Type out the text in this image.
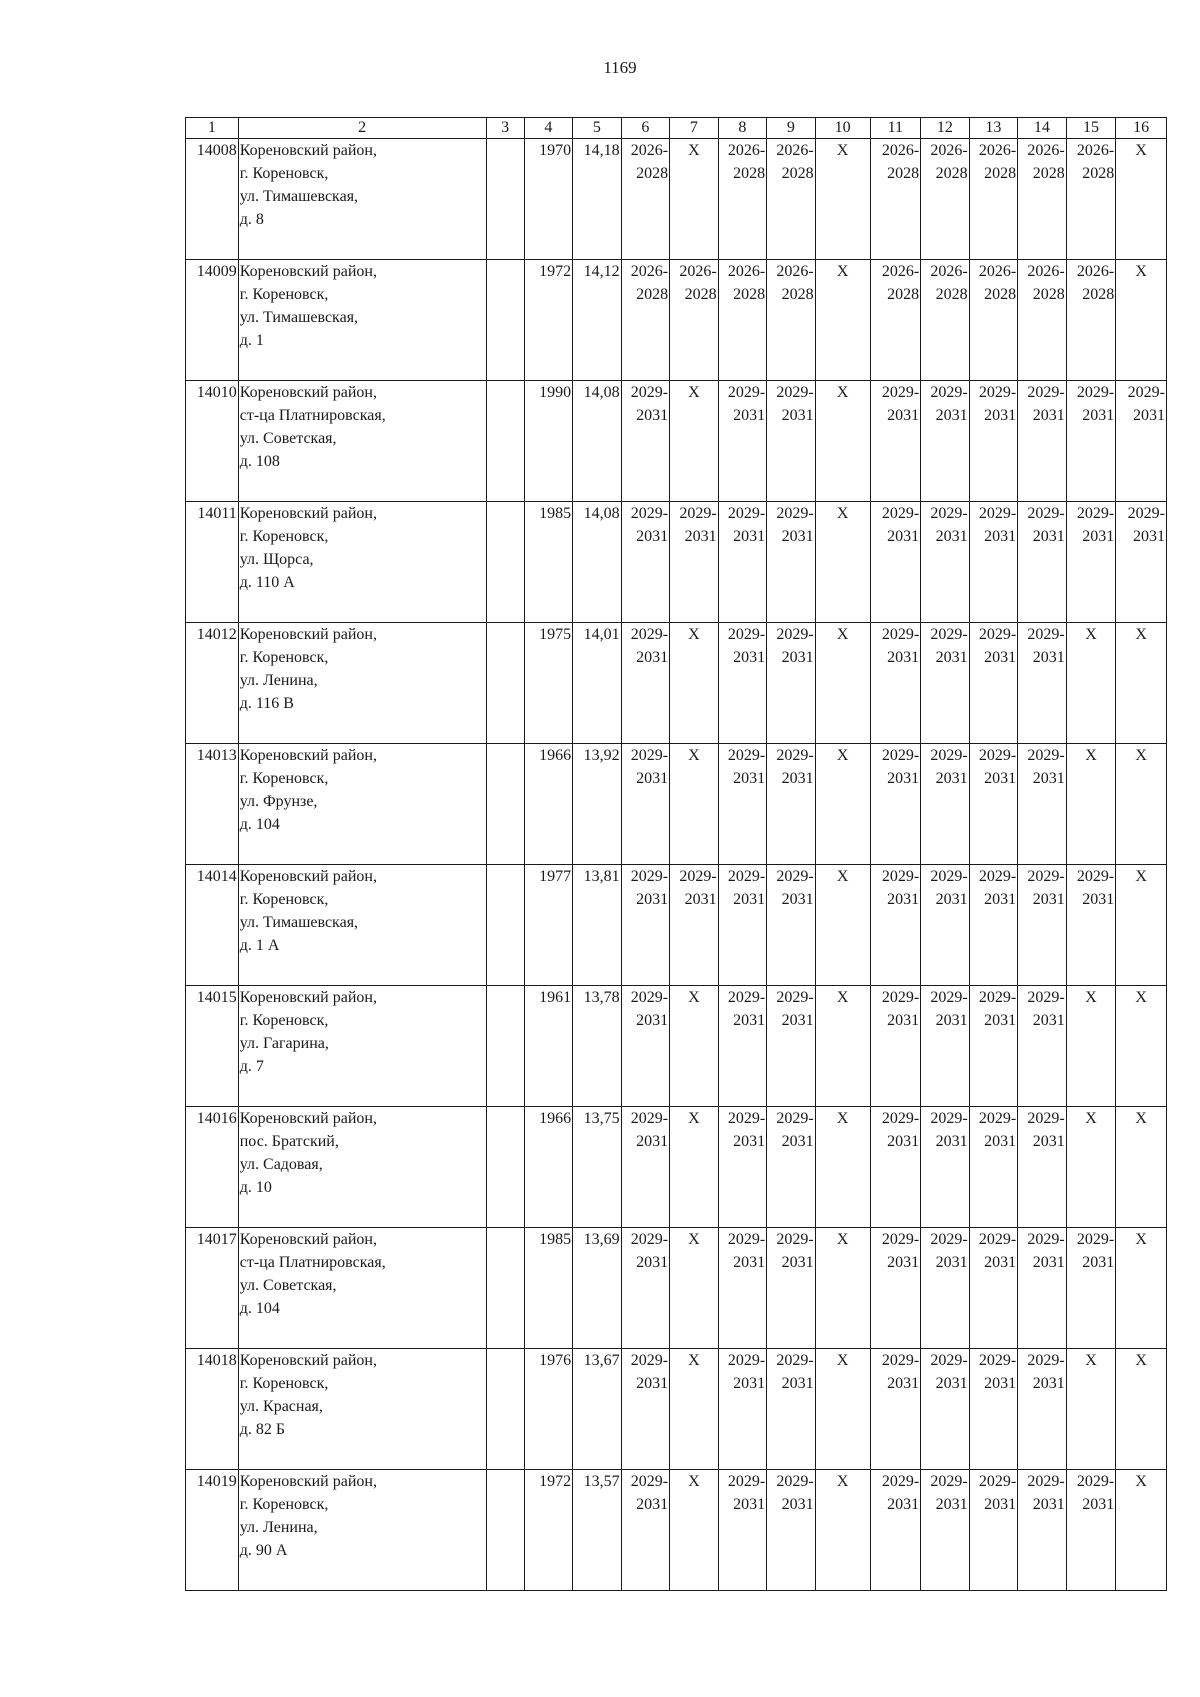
1169
1	2	3	4	5	6	7	8	9	10	11	12	13	14	15	16
14008	Кореновский район,
г. Кореновск,
ул. Тимашевская,
д. 8		1970	14,18	2026-
2028	X	2026-
2028	2026-
2028	X	2026-
2028	2026-
2028	2026-
2028	2026-
2028	2026-
2028	X
14009	Кореновский район,
г. Кореновск,
ул. Тимашевская,
д. 1		1972	14,12	2026-
2028	2026-
2028	2026-
2028	2026-
2028	X	2026-
2028	2026-
2028	2026-
2028	2026-
2028	2026-
2028	X
14010	Кореновский район,
ст-ца Платнировская,
ул. Советская,
д. 108		1990	14,08	2029-
2031	X	2029-
2031	2029-
2031	X	2029-
2031	2029-
2031	2029-
2031	2029-
2031	2029-
2031	2029-
2031

14011	Кореновский район,
г. Кореновск,
ул. Щорса,
д. 110 А		1985	14,08	2029-
2031	2029-
2031	2029-
2031	2029-
2031	X	2029-
2031	2029-
2031	2029-
2031	2029-
2031	2029-
2031	2029-
2031

14012	Кореновский район,
г. Кореновск,
ул. Ленина,
д. 116 В		1975	14,01	2029-
2031	X	2029-
2031	2029-
2031	X	2029-
2031	2029-
2031	2029-
2031	2029-
2031	X	X
14013	Кореновский район,
г. Кореновск,
ул. Фрунзе,
д. 104		1966	13,92	2029-
2031	X	2029-
2031	2029-
2031	X	2029-
2031	2029-
2031	2029-
2031	2029-
2031	X	X
14014	Кореновский район,
г. Кореновск,
ул. Тимашевская,
д. 1 А		1977	13,81	2029-
2031	2029-
2031	2029-
2031	2029-
2031	X	2029-
2031	2029-
2031	2029-
2031	2029-
2031	2029-
2031	X
14015	Кореновский район,
г. Кореновск,
ул. Гагарина,
д. 7		1961	13,78	2029-
2031	X	2029-
2031	2029-
2031	X	2029-
2031	2029-
2031	2029-
2031	2029-
2031	X	X
14016	Кореновский район,
пос. Братский,
ул. Садовая,
д. 10		1966	13,75	2029-
2031	X	2029-
2031	2029-
2031	X	2029-
2031	2029-
2031	2029-
2031	2029-
2031	X	X
14017	Кореновский район,
ст-ца Платнировская,
ул. Советская,
д. 104		1985	13,69	2029-
2031	X	2029-
2031	2029-
2031	X	2029-
2031	2029-
2031	2029-
2031	2029-
2031	2029-
2031	X
14018	Кореновский район,
г. Кореновск,
ул. Красная,
д. 82 Б		1976	13,67	2029-
2031	X	2029-
2031	2029-
2031	X	2029-
2031	2029-
2031	2029-
2031	2029-
2031	X	X
14019	Кореновский район,
г. Кореновск,
ул. Ленина,
д. 90 А		1972	13,57	2029-
2031	X	2029-
2031	2029-
2031	X	2029-
2031	2029-
2031	2029-
2031	2029-
2031	2029-
2031	X
